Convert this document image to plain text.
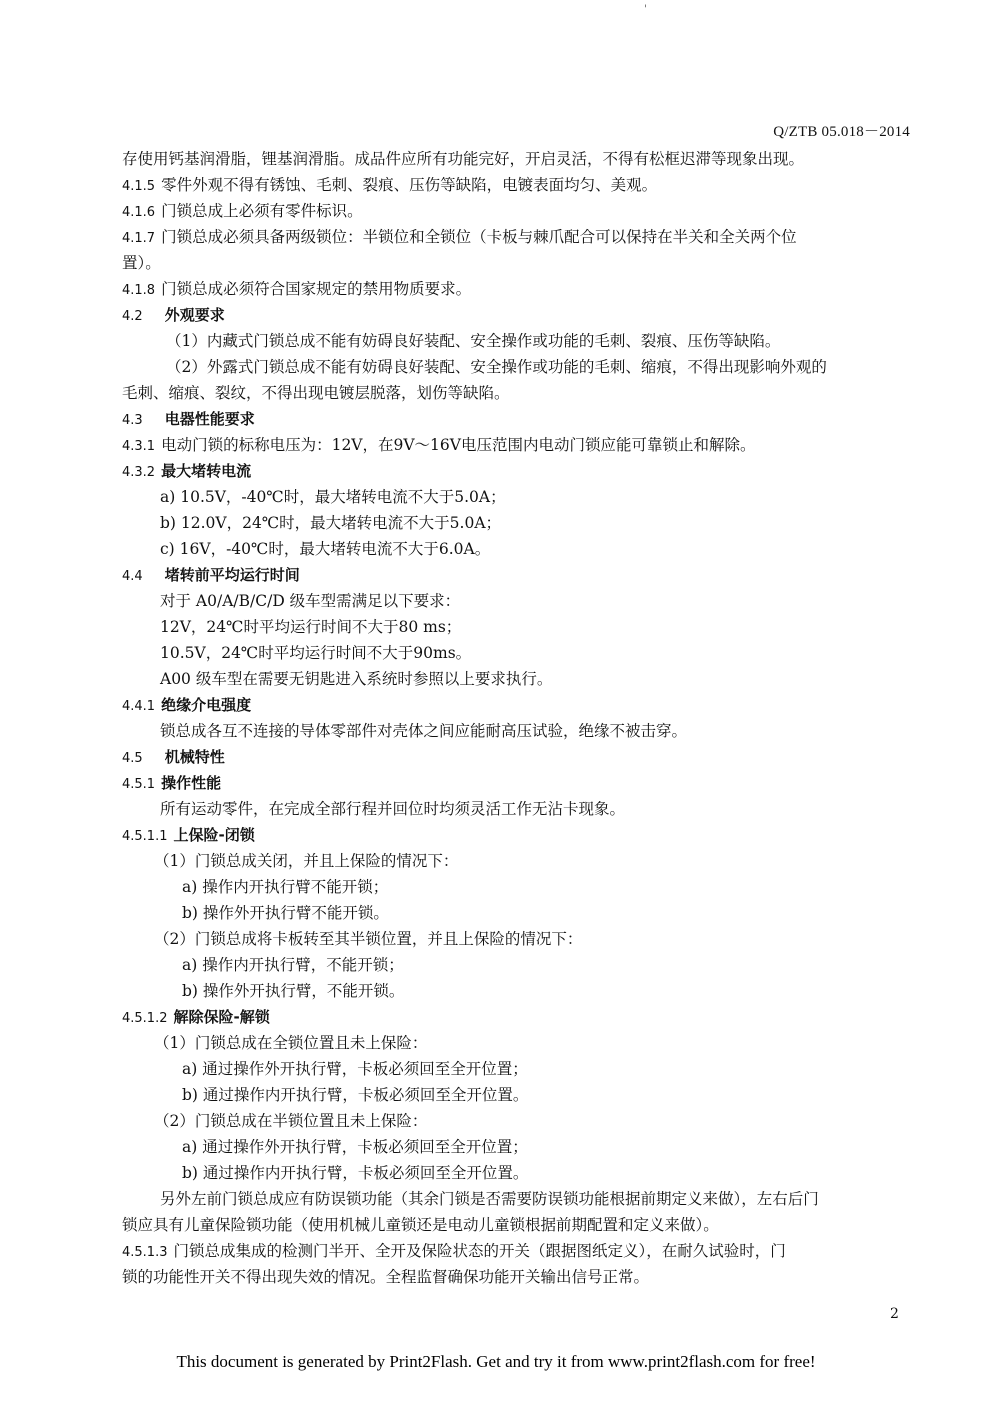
'
Q/ZTB 05.018－2014
存使用钙基润滑脂，锂基润滑脂。成品件应所有功能完好，开启灵活，不得有松框迟滞等现象出现。
4.1.5 零件外观不得有锈蚀、毛刺、裂痕、压伤等缺陷，电镀表面均匀、美观。
4.1.6 门锁总成上必须有零件标识。
4.1.7 门锁总成必须具备两级锁位：半锁位和全锁位（卡板与棘爪配合可以保持在半关和全关两个位
置）。
4.1.8 门锁总成必须符合国家规定的禁用物质要求。
4.2 外观要求
（1）内藏式门锁总成不能有妨碍良好装配、安全操作或功能的毛刺、裂痕、压伤等缺陷。
（2）外露式门锁总成不能有妨碍良好装配、安全操作或功能的毛刺、缩痕，不得出现影响外观的
毛刺、缩痕、裂纹，不得出现电镀层脱落，划伤等缺陷。
4.3 电器性能要求
4.3.1 电动门锁的标称电压为：12V，在9V～16V电压范围内电动门锁应能可靠锁止和解除。
4.3.2 最大堵转电流
a) 10.5V，-40℃时，最大堵转电流不大于5.0A；
b) 12.0V，24℃时，最大堵转电流不大于5.0A；
c) 16V，-40℃时，最大堵转电流不大于6.0A。
4.4 堵转前平均运行时间
对于 A0/A/B/C/D 级车型需满足以下要求：
12V，24℃时平均运行时间不大于80 ms；
10.5V，24℃时平均运行时间不大于90ms。
A00 级车型在需要无钥匙进入系统时参照以上要求执行。
4.4.1 绝缘介电强度
锁总成各互不连接的导体零部件对壳体之间应能耐高压试验，绝缘不被击穿。
4.5 机械特性
4.5.1 操作性能
所有运动零件，在完成全部行程并回位时均须灵活工作无沾卡现象。
4.5.1.1 上保险-闭锁
（1）门锁总成关闭，并且上保险的情况下：
a) 操作内开执行臂不能开锁；
b) 操作外开执行臂不能开锁。
（2）门锁总成将卡板转至其半锁位置，并且上保险的情况下：
a) 操作内开执行臂，不能开锁；
b) 操作外开执行臂，不能开锁。
4.5.1.2 解除保险-解锁
（1）门锁总成在全锁位置且未上保险：
a) 通过操作外开执行臂，卡板必须回至全开位置；
b) 通过操作内开执行臂，卡板必须回至全开位置。
（2）门锁总成在半锁位置且未上保险：
a) 通过操作外开执行臂，卡板必须回至全开位置；
b) 通过操作内开执行臂，卡板必须回至全开位置。
另外左前门锁总成应有防误锁功能（其余门锁是否需要防误锁功能根据前期定义来做），左右后门
锁应具有儿童保险锁功能（使用机械儿童锁还是电动儿童锁根据前期配置和定义来做）。
4.5.1.3 门锁总成集成的检测门半开、全开及保险状态的开关（跟据图纸定义），在耐久试验时，门
锁的功能性开关不得出现失效的情况。全程监督确保功能开关输出信号正常。
2
This document is generated by Print2Flash. Get and try it from www.print2flash.com for free!
